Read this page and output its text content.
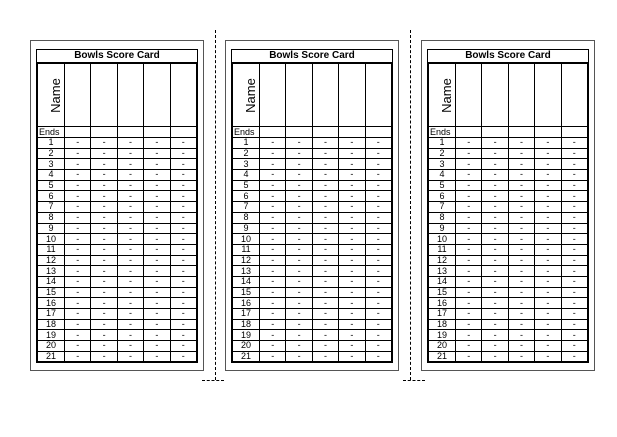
Bowls Score Card
Name					
Ends					
1	-	-	-	-	-
2	-	-	-	-	-
3	-	-	-	-	-
4	-	-	-	-	-
5	-	-	-	-	-
6	-	-	-	-	-
7	-	-	-	-	-
8	-	-	-	-	-
9	-	-	-	-	-
10	-	-	-	-	-
11	-	-	-	-	-
12	-	-	-	-	-
13	-	-	-	-	-
14	-	-	-	-	-
15	-	-	-	-	-
16	-	-	-	-	-
17	-	-	-	-	-
18	-	-	-	-	-
19	-	-	-	-	-
20	-	-	-	-	-
21	-	-	-	-	-
Bowls Score Card
Name					
Ends					
1	-	-	-	-	-
2	-	-	-	-	-
3	-	-	-	-	-
4	-	-	-	-	-
5	-	-	-	-	-
6	-	-	-	-	-
7	-	-	-	-	-
8	-	-	-	-	-
9	-	-	-	-	-
10	-	-	-	-	-
11	-	-	-	-	-
12	-	-	-	-	-
13	-	-	-	-	-
14	-	-	-	-	-
15	-	-	-	-	-
16	-	-	-	-	-
17	-	-	-	-	-
18	-	-	-	-	-
19	-	-	-	-	-
20	-	-	-	-	-
21	-	-	-	-	-
Bowls Score Card
Name					
Ends					
1	-	-	-	-	-
2	-	-	-	-	-
3	-	-	-	-	-
4	-	-	-	-	-
5	-	-	-	-	-
6	-	-	-	-	-
7	-	-	-	-	-
8	-	-	-	-	-
9	-	-	-	-	-
10	-	-	-	-	-
11	-	-	-	-	-
12	-	-	-	-	-
13	-	-	-	-	-
14	-	-	-	-	-
15	-	-	-	-	-
16	-	-	-	-	-
17	-	-	-	-	-
18	-	-	-	-	-
19	-	-	-	-	-
20	-	-	-	-	-
21	-	-	-	-	-
